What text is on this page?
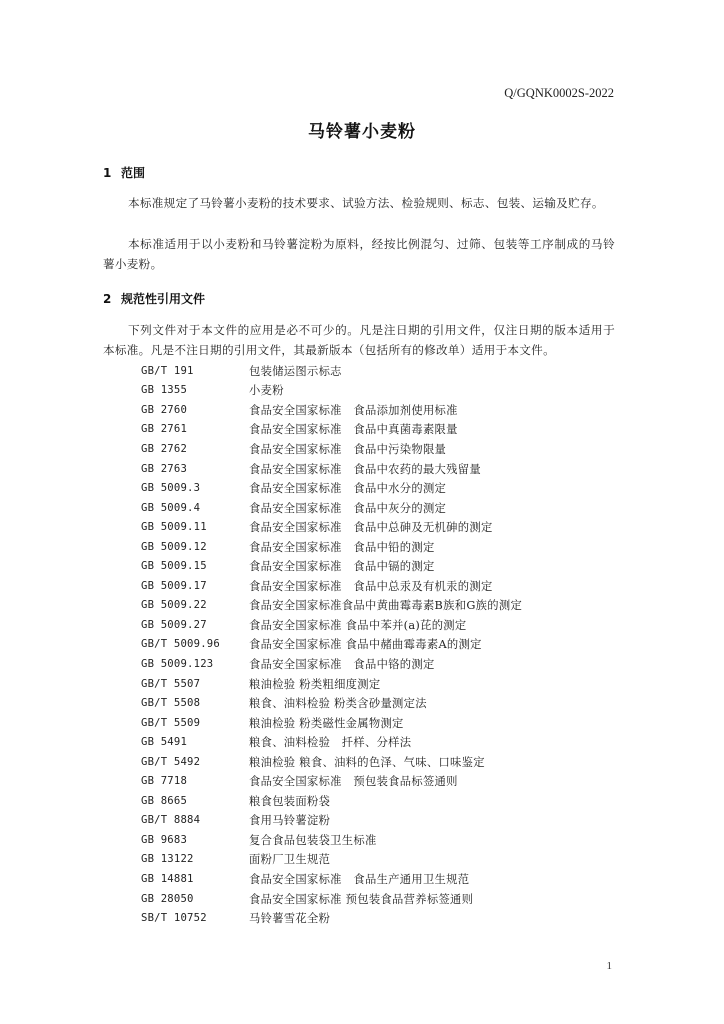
Q/GQNK0002S-2022
马铃薯小麦粉
1 范围
本标准规定了马铃薯小麦粉的技术要求、试验方法、检验规则、标志、包装、运输及贮存。
本标准适用于以小麦粉和马铃薯淀粉为原料，经按比例混匀、过筛、包装等工序制成的马铃薯小麦粉。
2 规范性引用文件
下列文件对于本文件的应用是必不可少的。凡是注日期的引用文件，仅注日期的版本适用于本标准。凡是不注日期的引用文件，其最新版本（包括所有的修改单）适用于本文件。
GB/T 191	包装储运图示标志
GB 1355	小麦粉
GB 2760	食品安全国家标准　食品添加剂使用标准
GB 2761	食品安全国家标准　食品中真菌毒素限量
GB 2762	食品安全国家标准　食品中污染物限量
GB 2763	食品安全国家标准　食品中农药的最大残留量
GB 5009.3	食品安全国家标准　食品中水分的测定
GB 5009.4	食品安全国家标准　食品中灰分的测定
GB 5009.11	食品安全国家标准　食品中总砷及无机砷的测定
GB 5009.12	食品安全国家标准　食品中铅的测定
GB 5009.15	食品安全国家标准　食品中镉的测定
GB 5009.17	食品安全国家标准　食品中总汞及有机汞的测定
GB 5009.22	食品安全国家标准食品中黄曲霉毒素B族和G族的测定
GB 5009.27	食品安全国家标准 食品中苯并(a)芘的测定
GB/T 5009.96	食品安全国家标准 食品中赭曲霉毒素A的测定
GB 5009.123	食品安全国家标准　食品中铬的测定
GB/T 5507	粮油检验 粉类粗细度测定
GB/T 5508	粮食、油料检验 粉类含砂量测定法
GB/T 5509	粮油检验 粉类磁性金属物测定
GB 5491	粮食、油料检验　扦样、分样法
GB/T 5492	粮油检验 粮食、油料的色泽、气味、口味鉴定
GB 7718	食品安全国家标准　预包装食品标签通则
GB 8665	粮食包装面粉袋
GB/T 8884	食用马铃薯淀粉
GB 9683	复合食品包装袋卫生标准
GB 13122	面粉厂卫生规范
GB 14881	食品安全国家标准　食品生产通用卫生规范
GB 28050	食品安全国家标准 预包装食品营养标签通则
SB/T 10752	马铃薯雪花全粉
1
